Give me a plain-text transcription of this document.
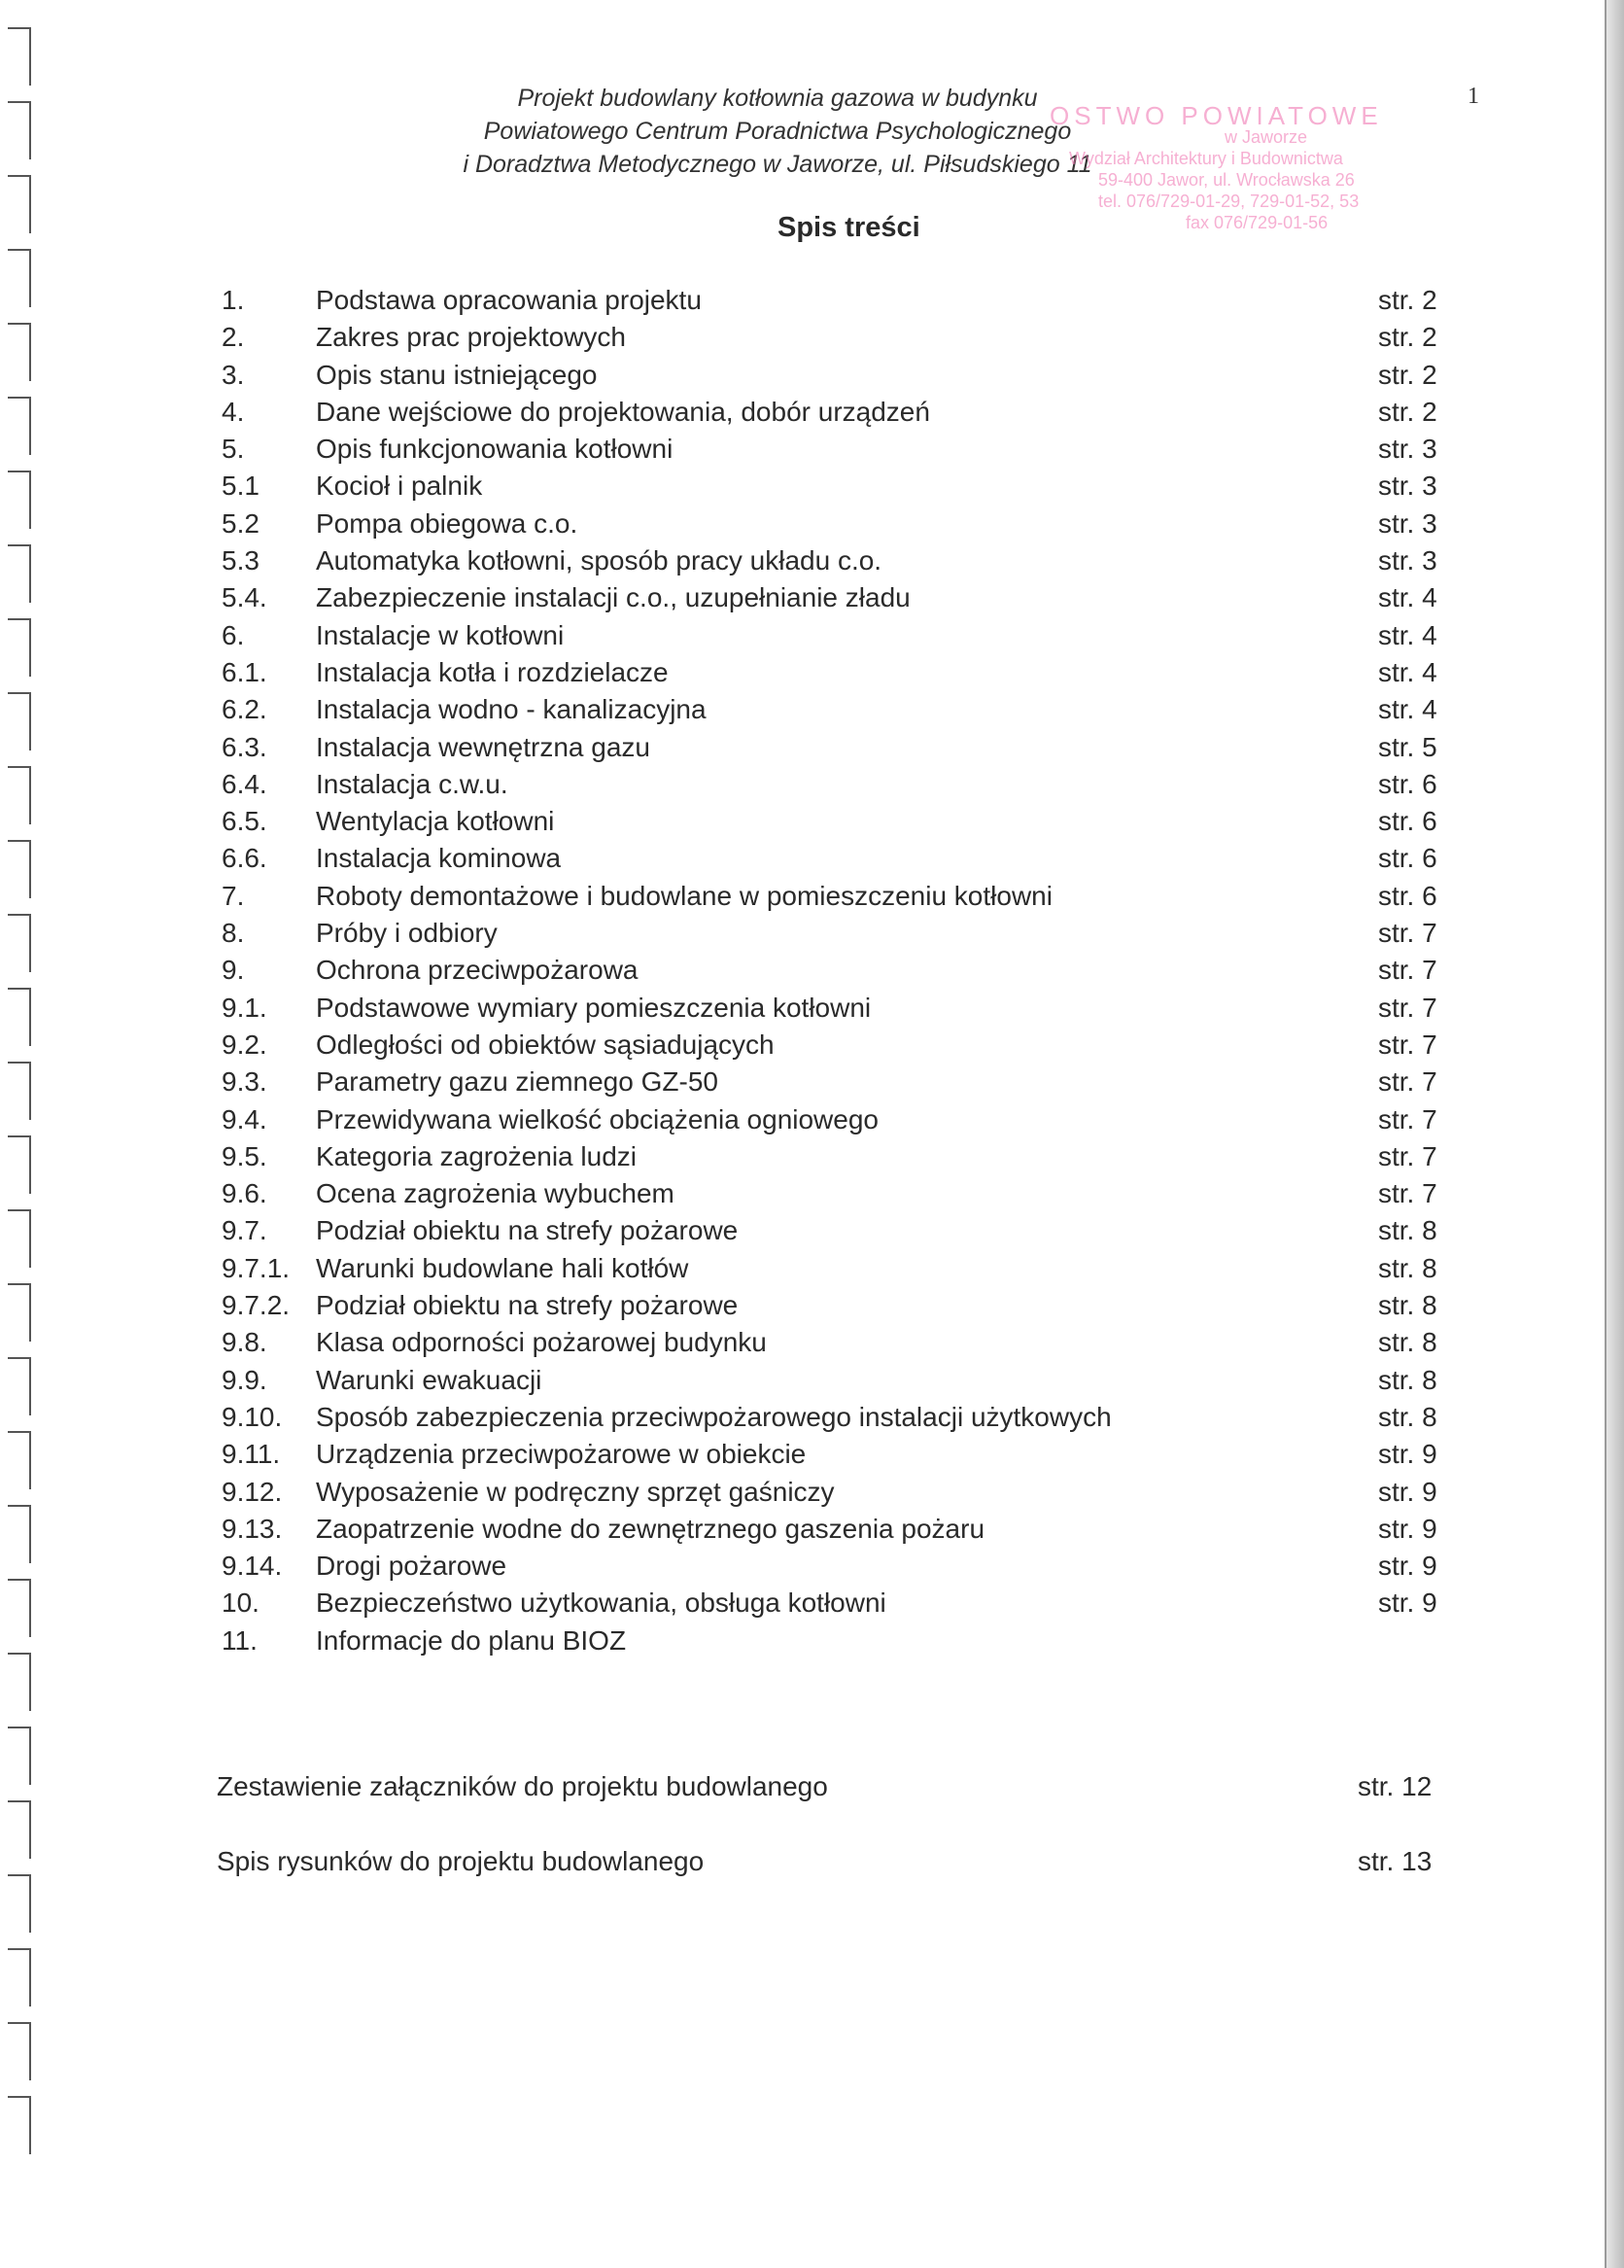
Projekt budowlany kotłownia gazowa w budynku
Powiatowego Centrum Poradnictwa Psychologicznego
i Doradztwa Metodycznego w Jaworze, ul. Piłsudskiego 11
1
OSTWO POWIATOWE
w Jaworze
Wydział Architektury i Budownictwa
59-400 Jawor, ul. Wrocławska 26
tel. 076/729-01-29, 729-01-52, 53
fax 076/729-01-56
Spis treści
1.	Podstawa opracowania projektu	str. 2
2.	Zakres prac projektowych	str. 2
3.	Opis stanu istniejącego	str. 2
4.	Dane wejściowe do projektowania, dobór urządzeń	str. 2
5.	Opis funkcjonowania kotłowni	str. 3
5.1 Kocioł i palnik	str. 3
5.2 Pompa obiegowa c.o.	str. 3
5.3 Automatyka kotłowni, sposób pracy układu c.o.	str. 3
5.4. Zabezpieczenie instalacji c.o., uzupełnianie zładu	str. 4
6.	Instalacje w kotłowni	str. 4
6.1. Instalacja kotła i rozdzielacze	str. 4
6.2. Instalacja wodno - kanalizacyjna	str. 4
6.3. Instalacja wewnętrzna gazu	str. 5
6.4. Instalacja c.w.u.	str. 6
6.5. Wentylacja kotłowni	str. 6
6.6. Instalacja kominowa	str. 6
7.	Roboty demontażowe i budowlane w pomieszczeniu kotłowni	str. 6
8.	Próby i odbiory	str. 7
9.	Ochrona przeciwpożarowa	str. 7
9.1. Podstawowe wymiary pomieszczenia kotłowni	str. 7
9.2. Odległości od obiektów sąsiadujących	str. 7
9.3. Parametry gazu ziemnego GZ-50	str. 7
9.4. Przewidywana wielkość obciążenia ogniowego	str. 7
9.5. Kategoria zagrożenia ludzi	str. 7
9.6. Ocena zagrożenia wybuchem	str. 7
9.7. Podział obiektu na strefy pożarowe	str. 8
9.7.1. Warunki budowlane hali kotłów	str. 8
9.7.2. Podział obiektu na strefy pożarowe	str. 8
9.8. Klasa odporności pożarowej budynku	str. 8
9.9. Warunki ewakuacji	str. 8
9.10. Sposób zabezpieczenia przeciwpożarowego instalacji użytkowych	str. 8
9.11. Urządzenia przeciwpożarowe w obiekcie	str. 9
9.12. Wyposażenie w podręczny sprzęt gaśniczy	str. 9
9.13. Zaopatrzenie wodne do zewnętrznego gaszenia pożaru	str. 9
9.14. Drogi pożarowe	str. 9
10. Bezpieczeństwo użytkowania, obsługa kotłowni	str. 9
11. Informacje do planu BIOZ
Zestawienie załączników do projektu budowlanego	str. 12
Spis rysunków do projektu budowlanego	str. 13
